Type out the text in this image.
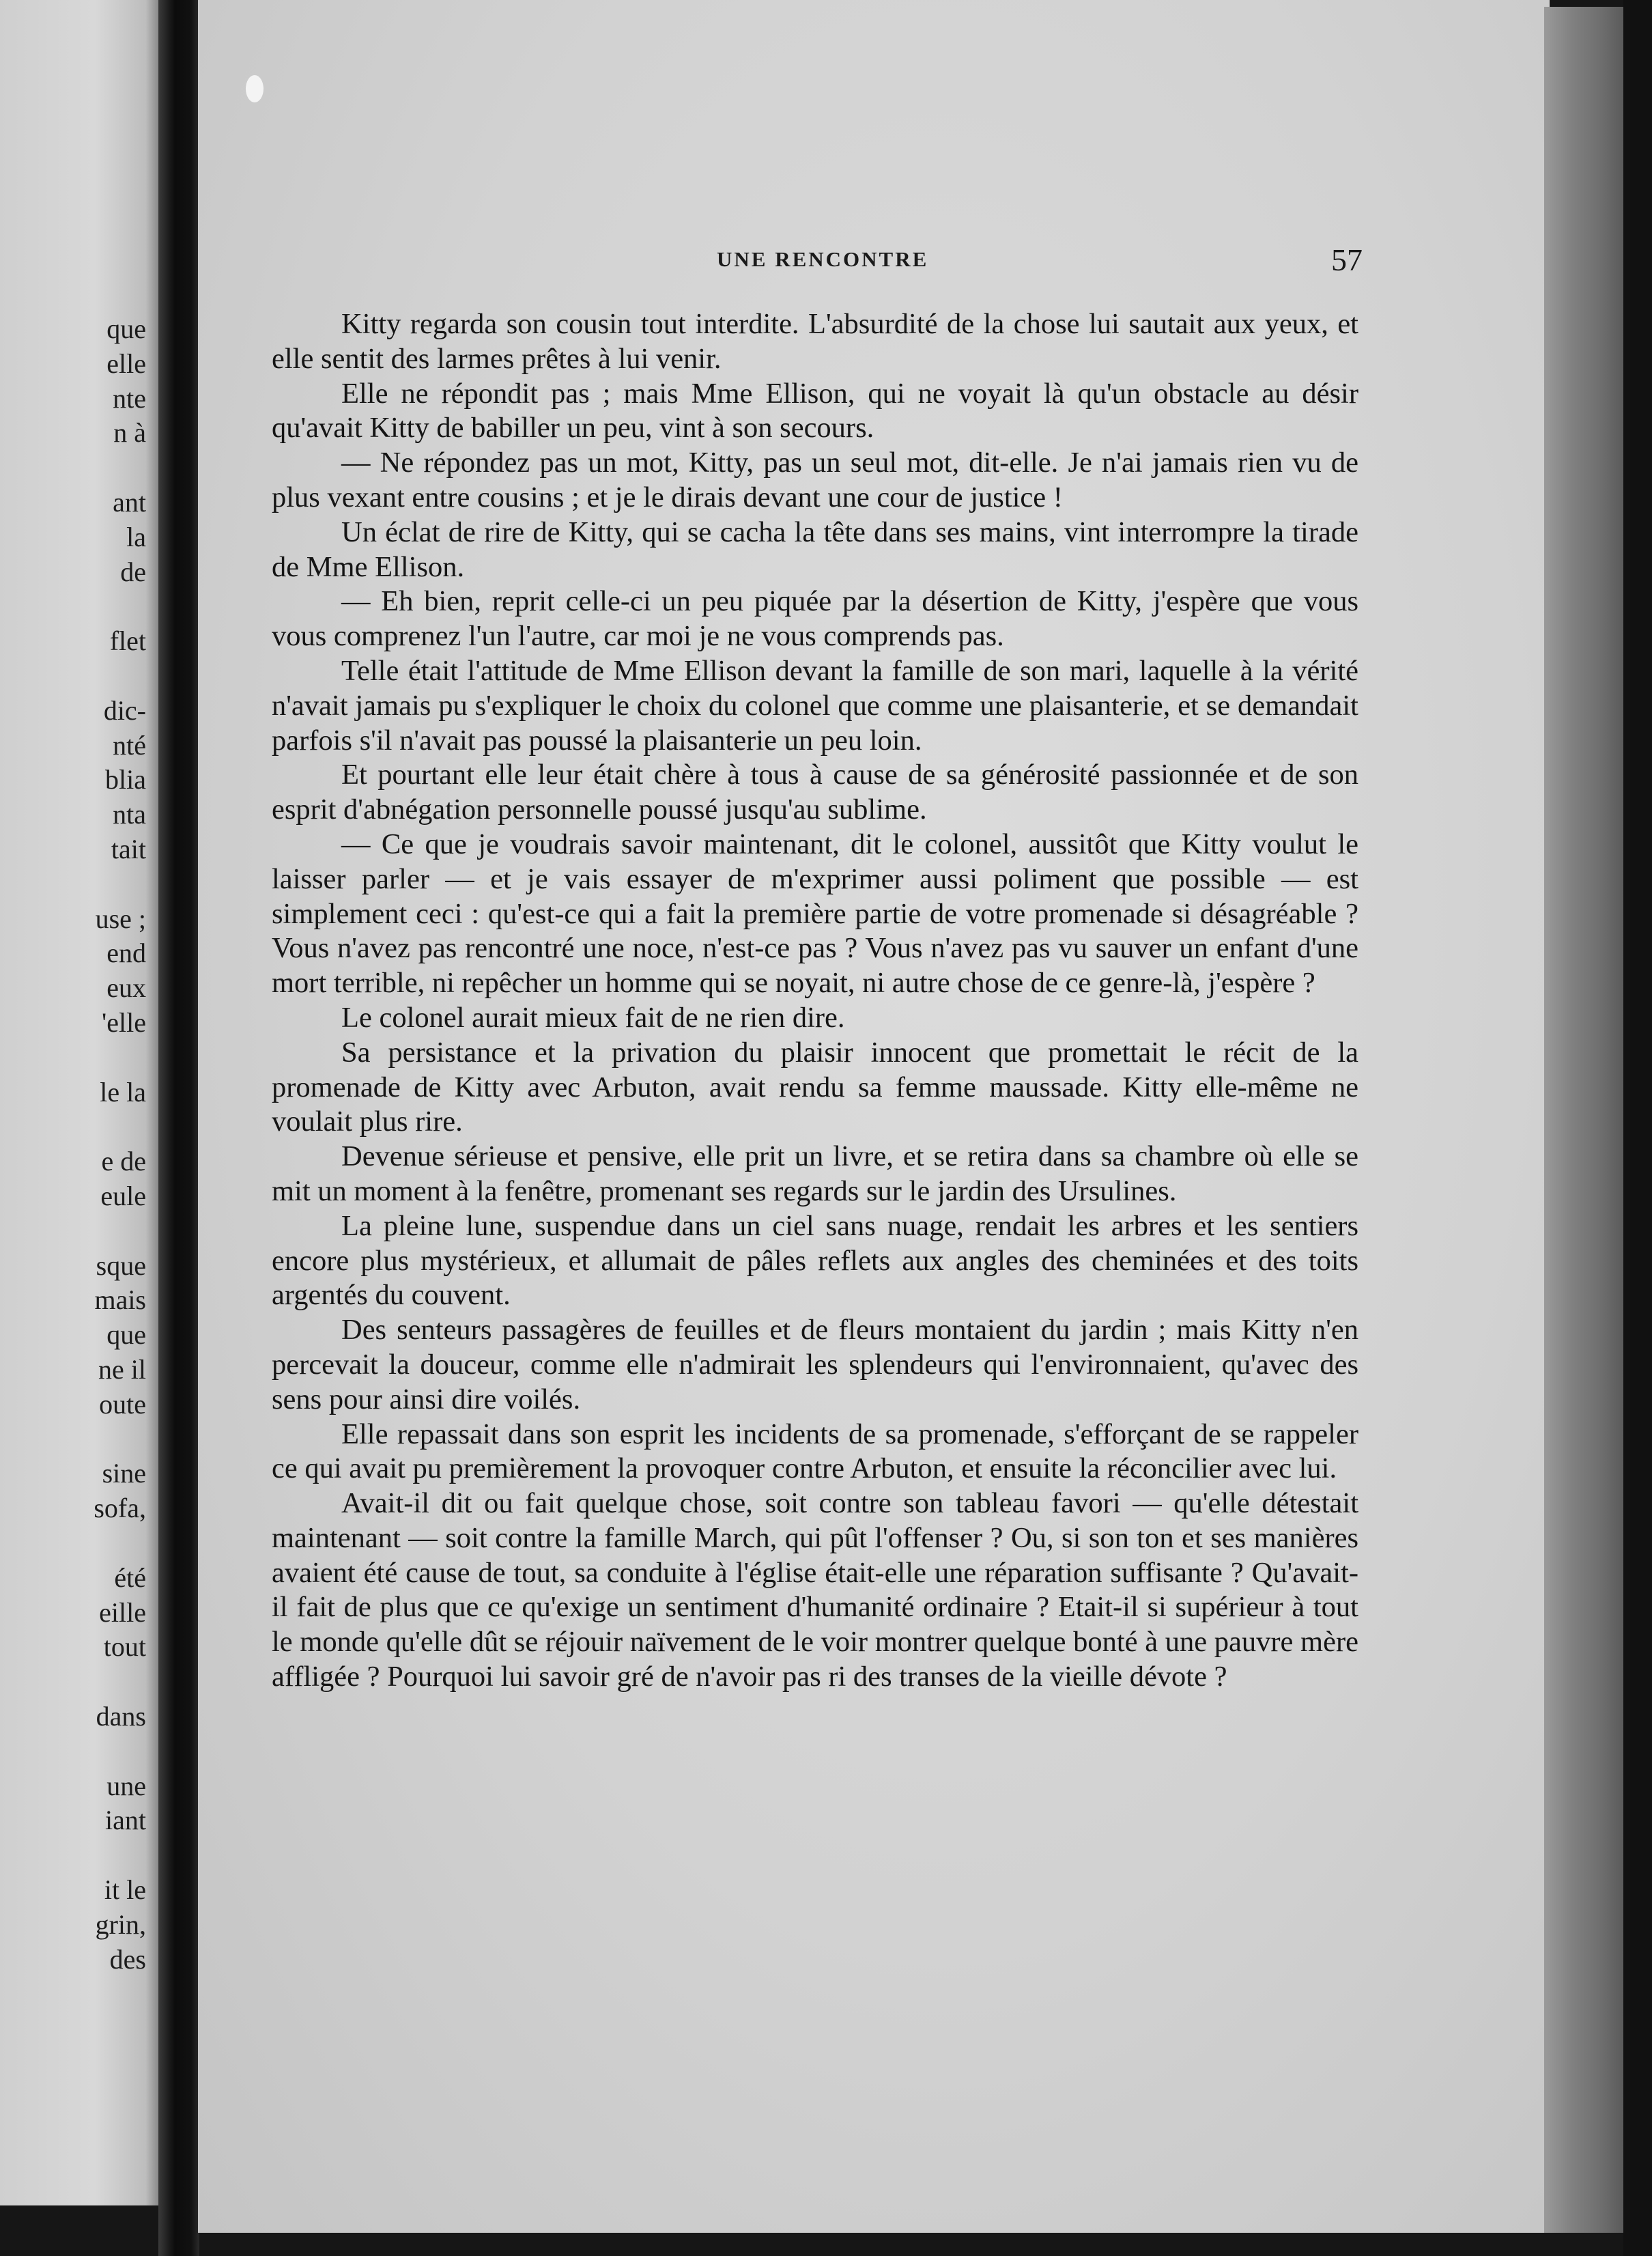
que
elle
nte
n à
ant
la
de
flet
dic-
nté
blia
nta
tait
use ;
end
eux
'elle
le la
e de
eule
sque
mais
que
ne il
oute
sine
sofa,
été
eille
tout
dans
une
iant
it le
grin,
des
UNE RENCONTRE	57

Kitty regarda son cousin tout interdite. L'absurdité de la chose lui sautait aux yeux, et elle sentit des larmes prêtes à lui venir.

Elle ne répondit pas ; mais Mme Ellison, qui ne voyait là qu'un obstacle au désir qu'avait Kitty de babiller un peu, vint à son secours.

— Ne répondez pas un mot, Kitty, pas un seul mot, dit-elle. Je n'ai jamais rien vu de plus vexant entre cousins ; et je le dirais devant une cour de justice !

Un éclat de rire de Kitty, qui se cacha la tête dans ses mains, vint interrompre la tirade de Mme Ellison.

— Eh bien, reprit celle-ci un peu piquée par la désertion de Kitty, j'espère que vous vous comprenez l'un l'autre, car moi je ne vous comprends pas.

Telle était l'attitude de Mme Ellison devant la famille de son mari, laquelle à la vérité n'avait jamais pu s'expliquer le choix du colonel que comme une plaisanterie, et se demandait parfois s'il n'avait pas poussé la plaisanterie un peu loin.

Et pourtant elle leur était chère à tous à cause de sa générosité passionnée et de son esprit d'abnégation personnelle poussé jusqu'au sublime.

— Ce que je voudrais savoir maintenant, dit le colonel, aussitôt que Kitty voulut le laisser parler — et je vais essayer de m'exprimer aussi poliment que possible — est simplement ceci : qu'est-ce qui a fait la première partie de votre promenade si désagréable ? Vous n'avez pas rencontré une noce, n'est-ce pas ? Vous n'avez pas vu sauver un enfant d'une mort terrible, ni repêcher un homme qui se noyait, ni autre chose de ce genre-là, j'espère ?

Le colonel aurait mieux fait de ne rien dire.

Sa persistance et la privation du plaisir innocent que promettait le récit de la promenade de Kitty avec Arbuton, avait rendu sa femme maussade. Kitty elle-même ne voulait plus rire.

Devenue sérieuse et pensive, elle prit un livre, et se retira dans sa chambre où elle se mit un moment à la fenêtre, promenant ses regards sur le jardin des Ursulines.

La pleine lune, suspendue dans un ciel sans nuage, rendait les arbres et les sentiers encore plus mystérieux, et allumait de pâles reflets aux angles des cheminées et des toits argentés du couvent.

Des senteurs passagères de feuilles et de fleurs montaient du jardin ; mais Kitty n'en percevait la douceur, comme elle n'admirait les splendeurs qui l'environnaient, qu'avec des sens pour ainsi dire voilés.

Elle repassait dans son esprit les incidents de sa promenade, s'efforçant de se rappeler ce qui avait pu premièrement la provoquer contre Arbuton, et ensuite la réconcilier avec lui.

Avait-il dit ou fait quelque chose, soit contre son tableau favori — qu'elle détestait maintenant — soit contre la famille March, qui pût l'offenser ? Ou, si son ton et ses manières avaient été cause de tout, sa conduite à l'église était-elle une réparation suffisante ? Qu'avait-il fait de plus que ce qu'exige un sentiment d'humanité ordinaire ? Etait-il si supérieur à tout le monde qu'elle dût se réjouir naïvement de le voir montrer quelque bonté à une pauvre mère affligée ? Pourquoi lui savoir gré de n'avoir pas ri des transes de la vieille dévote ?
